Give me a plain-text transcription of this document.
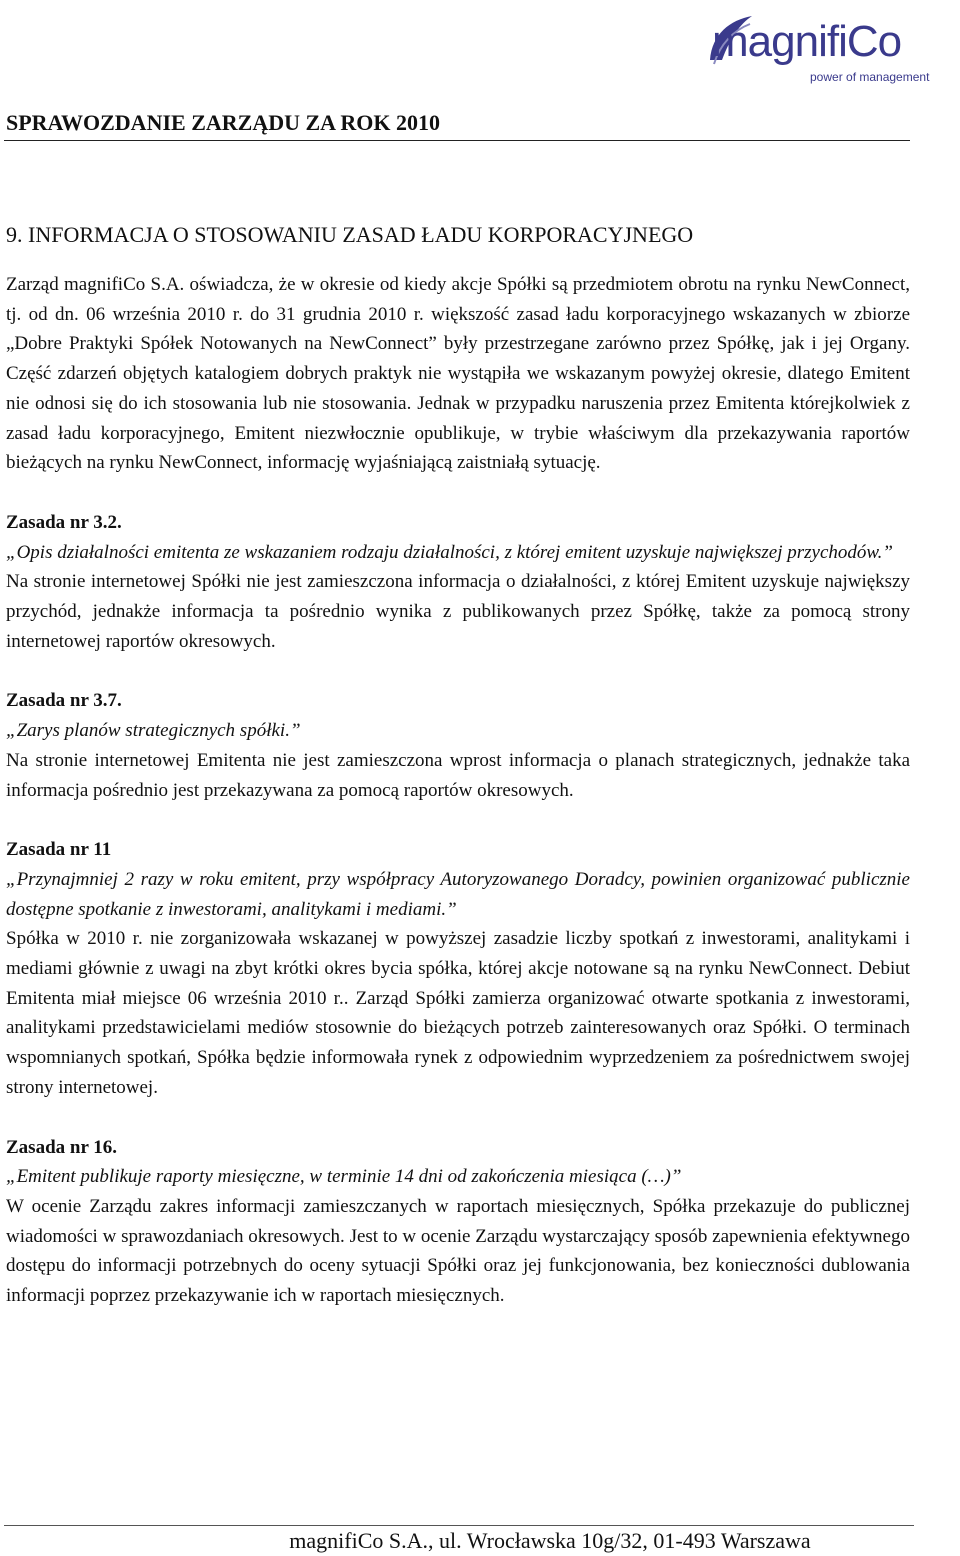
magnifiCo
power of management
SPRAWOZDANIE ZARZĄDU ZA ROK 2010
9. INFORMACJA O STOSOWANIU ZASAD ŁADU KORPORACYJNEGO

Zarząd magnifiCo S.A. oświadcza, że w okresie od kiedy akcje Spółki są przedmiotem obrotu na rynku NewConnect, tj. od dn. 06 września 2010 r. do 31 grudnia 2010 r. większość zasad ładu korporacyjnego wskazanych w zbiorze „Dobre Praktyki Spółek Notowanych na NewConnect” były przestrzegane zarówno przez Spółkę, jak i jej Organy. Część zdarzeń objętych katalogiem dobrych praktyk nie wystąpiła we wskazanym powyżej okresie, dlatego Emitent nie odnosi się do ich stosowania lub nie stosowania. Jednak w przypadku naruszenia przez Emitenta którejkolwiek z zasad ładu korporacyjnego, Emitent niezwłocznie opublikuje, w trybie właściwym dla przekazywania raportów bieżących na rynku NewConnect, informację wyjaśniającą zaistniałą sytuację.

Zasada nr 3.2.

„Opis działalności emitenta ze wskazaniem rodzaju działalności, z której emitent uzyskuje największej przychodów.”

Na stronie internetowej Spółki nie jest zamieszczona informacja o działalności, z której Emitent uzyskuje największy przychód, jednakże informacja ta pośrednio wynika z publikowanych przez Spółkę, także za pomocą strony internetowej raportów okresowych.

Zasada nr 3.7.

„Zarys planów strategicznych spółki.”

Na stronie internetowej Emitenta nie jest zamieszczona wprost informacja o planach strategicznych, jednakże taka informacja pośrednio jest przekazywana za pomocą raportów okresowych.

Zasada nr 11

„Przynajmniej 2 razy w roku emitent, przy współpracy Autoryzowanego Doradcy, powinien organizować publicznie dostępne spotkanie z inwestorami, analitykami i mediami.”

Spółka w 2010 r. nie zorganizowała wskazanej w powyższej zasadzie liczby spotkań z inwestorami, analitykami i mediami głównie z uwagi na zbyt krótki okres bycia spółka, której akcje notowane są na rynku NewConnect. Debiut Emitenta miał miejsce 06 września 2010 r.. Zarząd Spółki zamierza organizować otwarte spotkania z inwestorami, analitykami przedstawicielami mediów stosownie do bieżących potrzeb zainteresowanych oraz Spółki. O terminach wspomnianych spotkań, Spółka będzie informowała rynek z odpowiednim wyprzedzeniem za pośrednictwem swojej strony internetowej.

Zasada nr 16.

„Emitent publikuje raporty miesięczne, w terminie 14 dni od zakończenia miesiąca (…)”

W ocenie Zarządu zakres informacji zamieszczanych w raportach miesięcznych, Spółka przekazuje do publicznej wiadomości w sprawozdaniach okresowych. Jest to w ocenie Zarządu wystarczający sposób zapewnienia efektywnego dostępu do informacji potrzebnych do oceny sytuacji Spółki oraz jej funkcjonowania, bez konieczności dublowania informacji poprzez przekazywanie ich w raportach miesięcznych.

magnifiCo S.A., ul. Wrocławska 10g/32, 01-493 Warszawa
